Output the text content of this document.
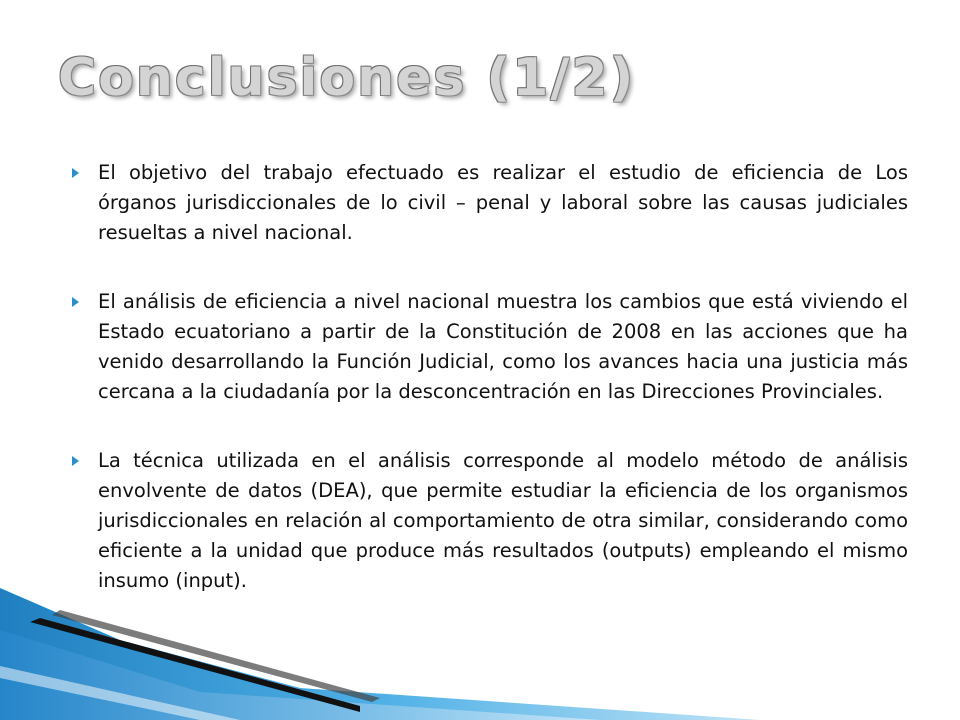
Conclusiones (1/2)

El objetivo del trabajo efectuado es realizar el estudio de eficiencia de Los órganos jurisdiccionales de lo civil – penal y laboral sobre las causas judiciales resueltas a nivel nacional.

El análisis de eficiencia a nivel nacional muestra los cambios que está viviendo el Estado ecuatoriano a partir de la Constitución de 2008 en las acciones que ha venido desarrollando la Función Judicial, como los avances hacia una justicia más cercana a la ciudadanía por la desconcentración en las Direcciones Provinciales.

La técnica utilizada en el análisis corresponde al modelo método de análisis envolvente de datos (DEA), que permite estudiar la eficiencia de los organismos jurisdiccionales en relación al comportamiento de otra similar, considerando como eficiente a la unidad que produce más resultados (outputs) empleando el mismo insumo (input).
